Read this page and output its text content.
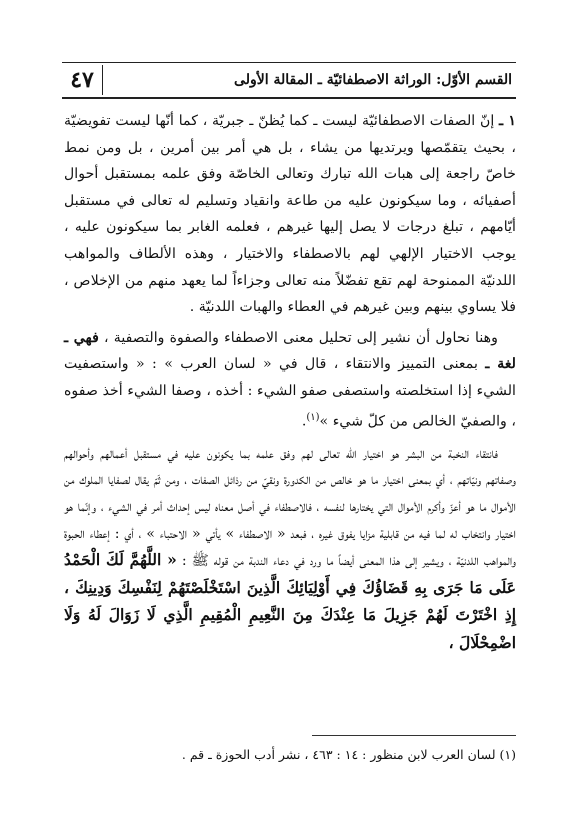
القسم الأوّل: الوراثة الاصطفائيّة ـ المقالة الأولى
٤٧

١ ـ إنّ الصفات الاصطفائيّة ليست ـ كما يُظنّ ـ جبريّة ، كما أنّها ليست تفويضيّة ، بحيث يتقمّصها ويرتديها من يشاء ، بل هي أمر بين أمرين ، بل ومن نمط خاصّ راجعة إلى هبات الله تبارك وتعالى الخاصّة وفق علمه بمستقبل أحوال أصفيائه ، وما سيكونون عليه من طاعة وانقياد وتسليم له تعالى في مستقبل أيّامهم ، تبلغ درجات لا يصل إليها غيرهم ، فعلمه الغابر بما سيكونون عليه ، يوجب الاختيار الإلهي لهم بالاصطفاء والاختيار ، وهذه الألطاف والمواهب اللدنيّة الممنوحة لهم تقع تفضّلاً منه تعالى وجزاءاً لما يعهد منهم من الإخلاص ، فلا يساوي بينهم وبين غيرهم في العطاء والهبات اللدنيّة .

وهنا نحاول أن نشير إلى تحليل معنى الاصطفاء والصفوة والتصفية ، فهي ـ لغة ـ بمعنى التمييز والانتقاء ، قال في « لسان العرب » : « واستصفيت الشيء إذا استخلصته واستصفى صفو الشيء : أخذه ، وصفا الشيء أخذ صفوه ، والصفيّ الخالص من كلّ شيء »$^{(١)}$.

فانتقاء النخبة من البشر هو اختيار الله تعالى لهم وفق علمه بما يكونون عليه في مستقبل أعمالهم وأحوالهم وصفاتهم ونيّاتهم ، أي بمعنى اختيار ما هو خالص من الكدورة ونقيّ من رذائل الصفات ، ومن ثَمّ يقال لصفايا الملوك من الأموال ما هو أعزّ وأكرم الأموال التي يختارها لنفسه ، فالاصطفاء في أصل معناه ليس إحداث أمر في الشيء ، وإنّما هو اختيار وانتخاب له لما فيه من قابلية مزايا يفوق غيره ، فبعد « الاصطفاء » يأتي « الاحتباء » ، أي : إعطاء الحبوة والمواهب اللدنيّة ، ويشير إلى هذا المعنى أيضاً ما ورد في دعاء الندبة من قوله ﷺ : « اللَّهُمَّ لَكَ الْحَمْدُ عَلَى مَا جَرَى بِهِ قَضَاؤُكَ فِي أَوْلِيَائِكَ الَّذِينَ اسْتَخْلَصْتَهُمْ لِنَفْسِكَ وَدِينِكَ ، إِذِ اخْتَرْتَ لَهُمْ جَزِيلَ مَا عِنْدَكَ مِنَ النَّعِيمِ الْمُقِيمِ الَّذِي لَا زَوَالَ لَهُ وَلَا اضْمِحْلَالَ ،

(١) لسان العرب لابن منظور : ١٤ : ٤٦٣ ، نشر أدب الحوزة ـ قم .
